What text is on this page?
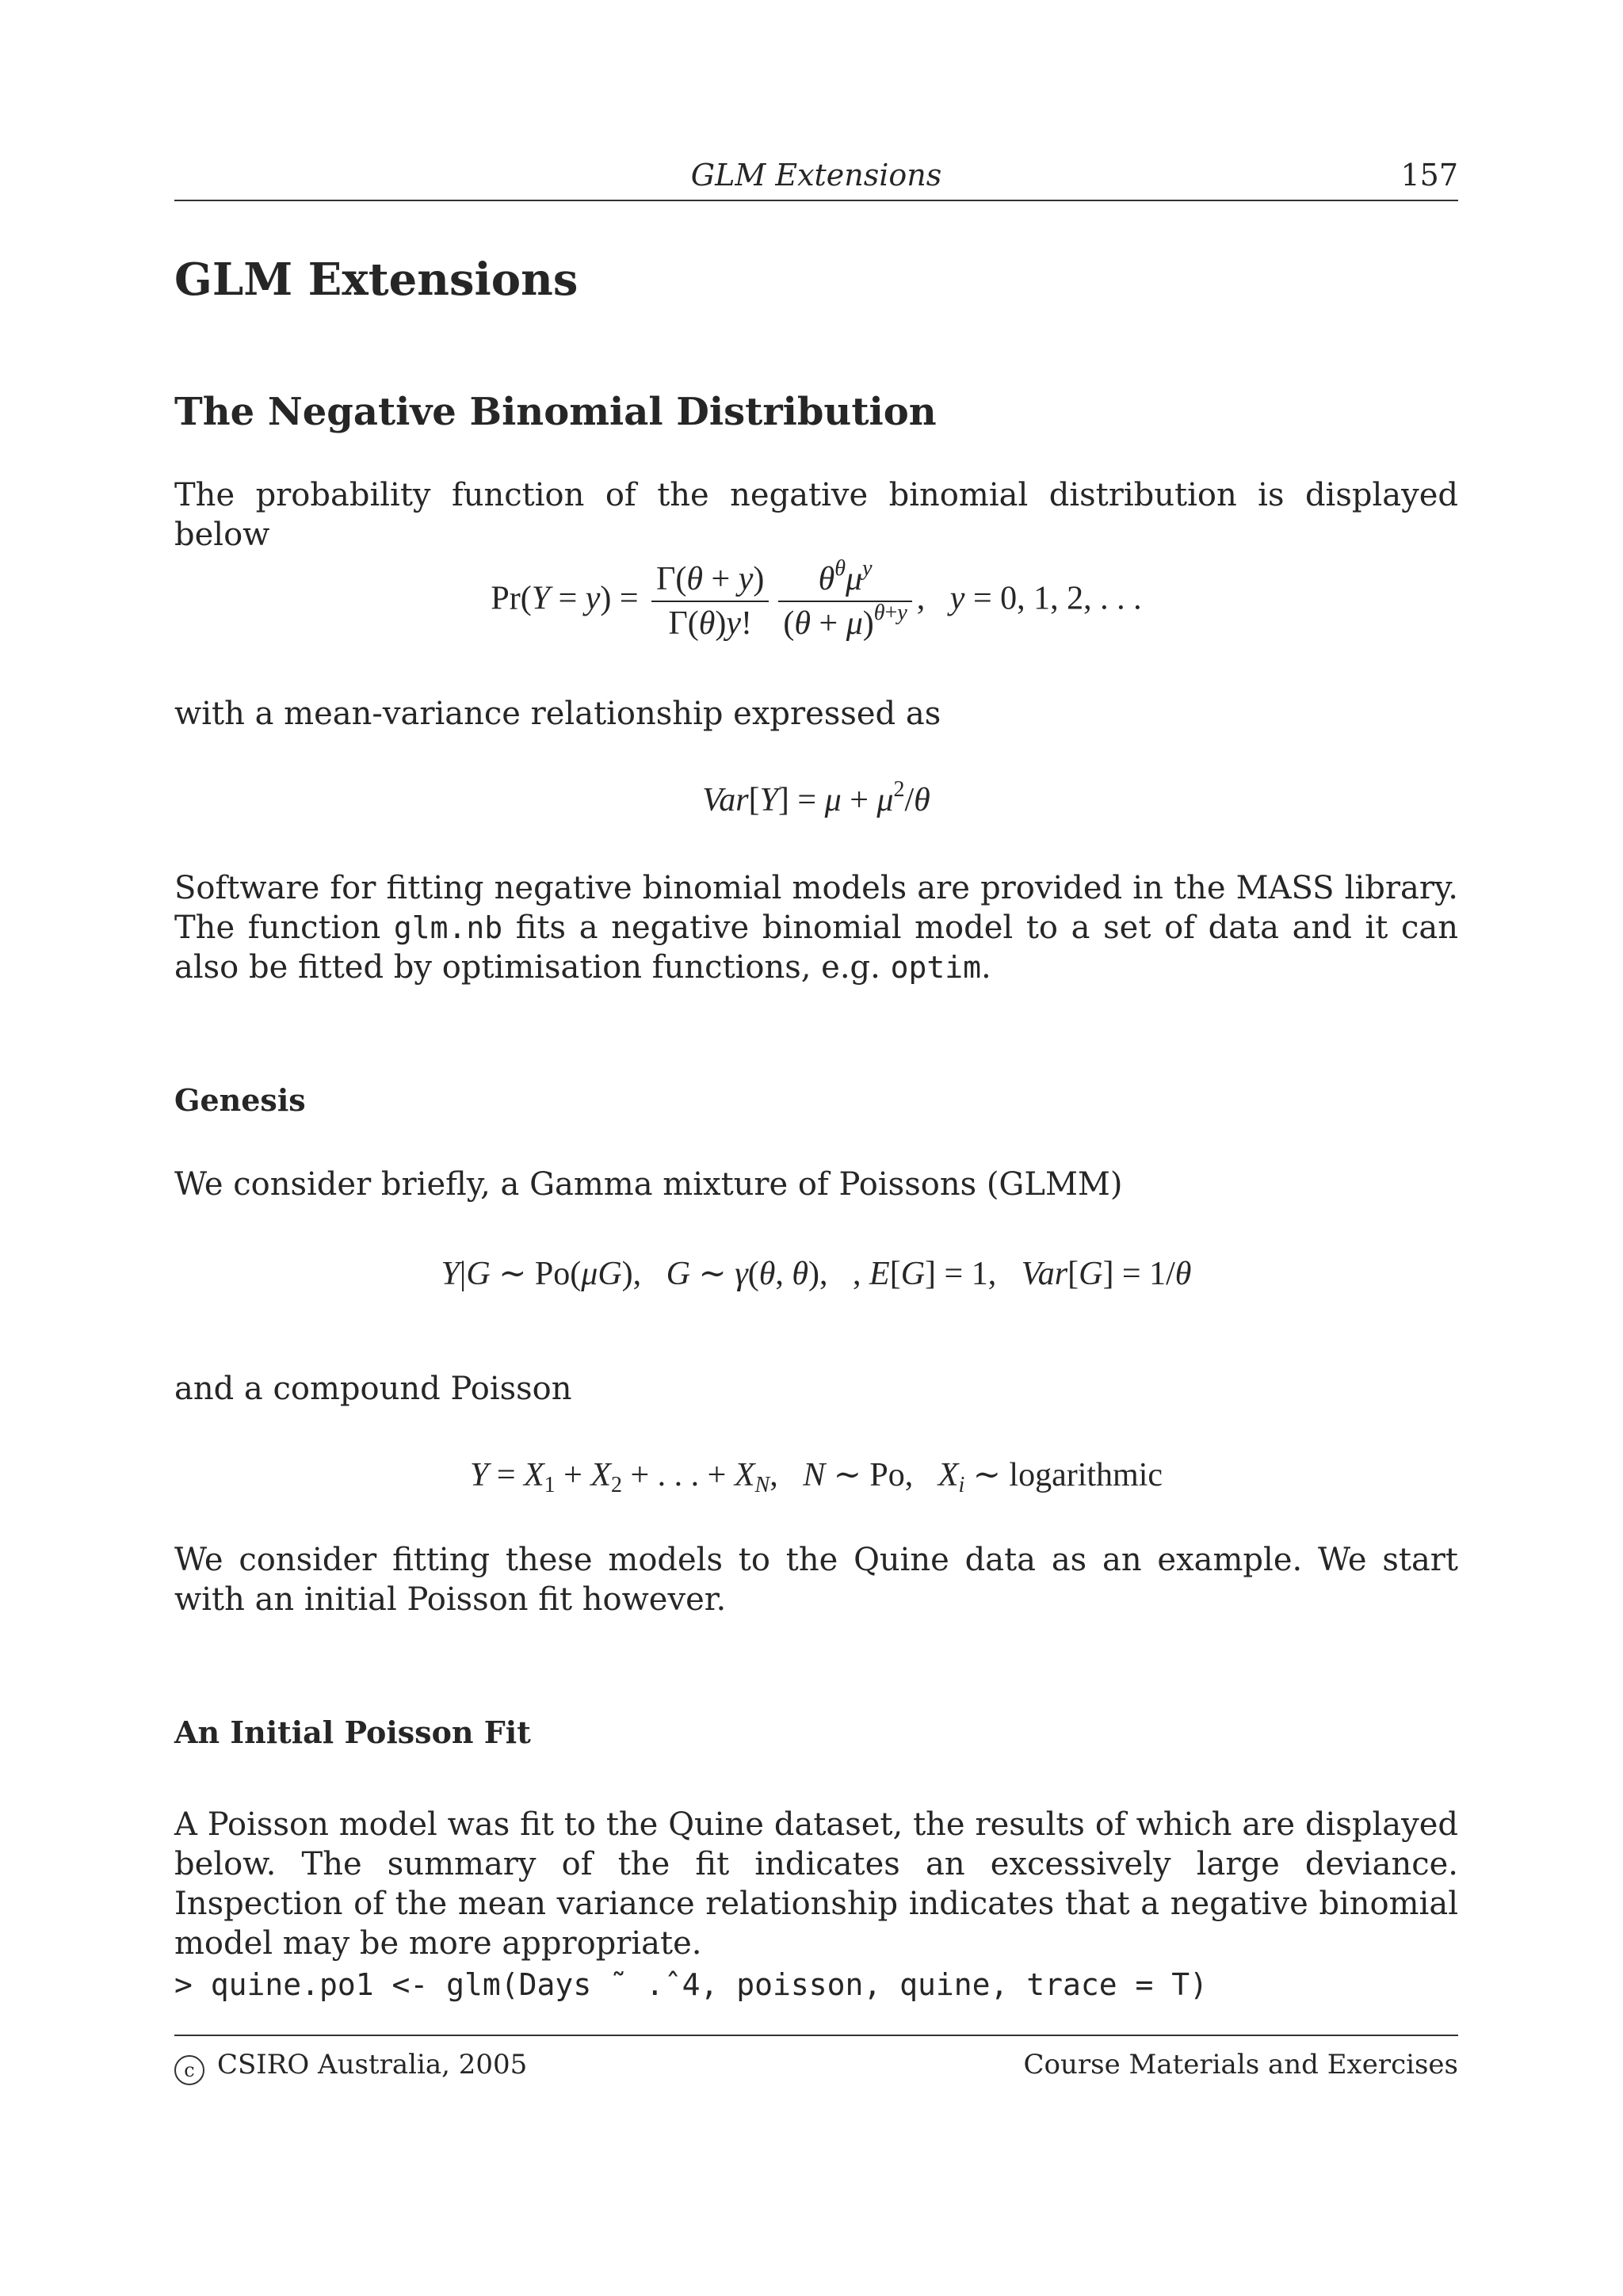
GLM Extensions	157
GLM Extensions
The Negative Binomial Distribution

The probability function of the negative binomial distribution is displayed below

$Pr(Y = y) = \frac{\Gamma(\theta + y)}{\Gamma(\theta)y!} \frac{\theta^\theta\mu^y}{(\theta + \mu)^{\theta+y}}$ ,   y = 0, 1, 2, . . .

with a mean-variance relationship expressed as

$Var[Y] = \mu + \mu^2/\theta$

Software for fitting negative binomial models are provided in the MASS library. The function glm.nb fits a negative binomial model to a set of data and it can also be fitted by optimisation functions, e.g. optim.

Genesis

We consider briefly, a Gamma mixture of Poissons (GLMM)

Y|G ∼ Po(μG),   G ∼ γ(θ, θ),   , E[G] = 1,   Var[G] = 1/θ

and a compound Poisson

$Y = X_1 + X_2$ + . . . + $X_N$,   N ∼ Po,   $X_i$ ∼ logarithmic

We consider fitting these models to the Quine data as an example. We start with an initial Poisson fit however.

An Initial Poisson Fit

A Poisson model was fit to the Quine dataset, the results of which are displayed below. The summary of the fit indicates an excessively large deviance. Inspection of the mean variance relationship indicates that a negative binomial model may be more appropriate.

> quine.po1 <- glm(Days ˜ .ˆ4, poisson, quine, trace = T)
c CSIRO Australia, 2005	Course Materials and Exercises
